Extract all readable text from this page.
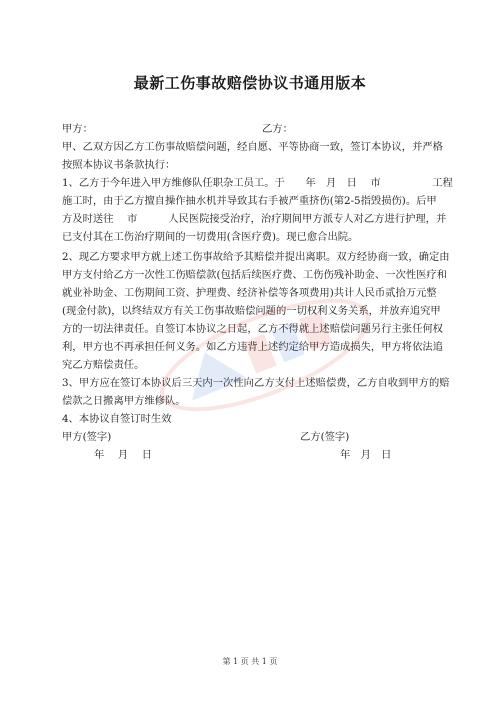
最新工伤事故赔偿协议书通用版本
甲方：	乙方：
甲、乙双方因乙方工伤事故赔偿问题，经自愿、平等协商一致，签订本协议，并严格
按照本协议书条款执行：
1、乙方于今年进入甲方维修队任职杂工员工。于　　年　月　日　 市　　　　　工程
施工时，由于乙方擅自操作抽水机并导致其右手被严重挤伤(第2-5指毁损伤)。后甲
方及时送往　 市　　　人民医院接受治疗，治疗期间甲方派专人对乙方进行护理，并
已支付其在工伤治疗期间的一切费用(含医疗费)。现已愈合出院。
2、现乙方要求甲方就上述工伤事故给予其赔偿并提出离职。双方经协商一致，确定由
甲方支付给乙方一次性工伤赔偿款(包括后续医疗费、工伤伤残补助金、一次性医疗和
就业补助金、工伤期间工资、护理费、经济补偿等各项费用)共计人民币贰拾万元整
(现金付款)，以终结双方有关工伤事故赔偿问题的一切权利义务关系，并放弃追究甲
方的一切法律责任。自签订本协议之日起，乙方不得就上述赔偿问题另行主张任何权
利，甲方也不再承担任何义务。如乙方违背上述约定给甲方造成损失，甲方将依法追
究乙方赔偿责任。
3、甲方应在签订本协议后三天内一次性向乙方支付上述赔偿费，乙方自收到甲方的赔
偿款之日搬离甲方维修队。
4、本协议自签订时生效
甲方(签字)	乙方(签字)
年　 月　 日	年　月　日
第 1 页 共 1 页
